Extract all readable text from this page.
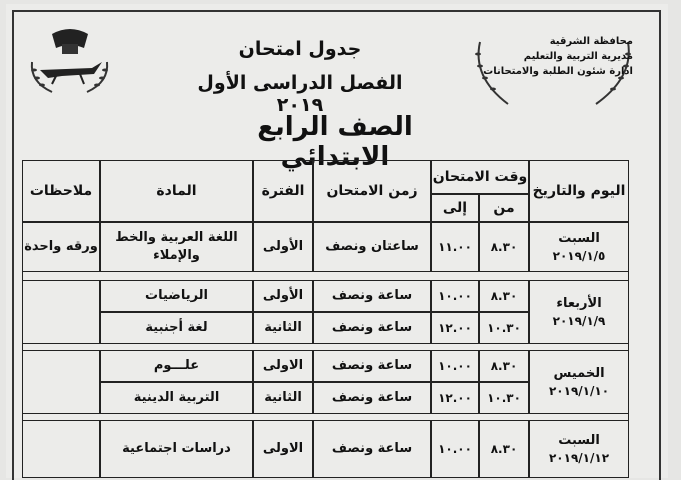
محافظة الشرقية
مديرية التربية والتعليم
ادارة شئون الطلبة والامتحانات
جدول امتحان
الفصل الدراسى الأول ٢٠١٩
الصف الرابع الابتدائي
اليوم والتاريخ
وقت الامتحان
من
إلى
زمن الامتحان
الفترة
المادة
ملاحظات
السبت
٢٠١٩/١/٥
٨.٣٠
١١.٠٠
ساعتان ونصف
الأولى
اللغة العربية والخط
والإملاء
ورقه واحدة
الأربعاء
٢٠١٩/١/٩
٨.٣٠
١٠.٠٠
ساعة ونصف
الأولى
الرياضيات
١٠.٣٠
١٢.٠٠
ساعة ونصف
الثانية
لغة أجنبية
الخميس
٢٠١٩/١/١٠
٨.٣٠
١٠.٠٠
ساعة ونصف
الاولى
علـــوم
١٠.٣٠
١٢.٠٠
ساعة ونصف
الثانية
التربية الدينية
السبت
٢٠١٩/١/١٢
٨.٣٠
١٠.٠٠
ساعة ونصف
الاولى
دراسات اجتماعية
